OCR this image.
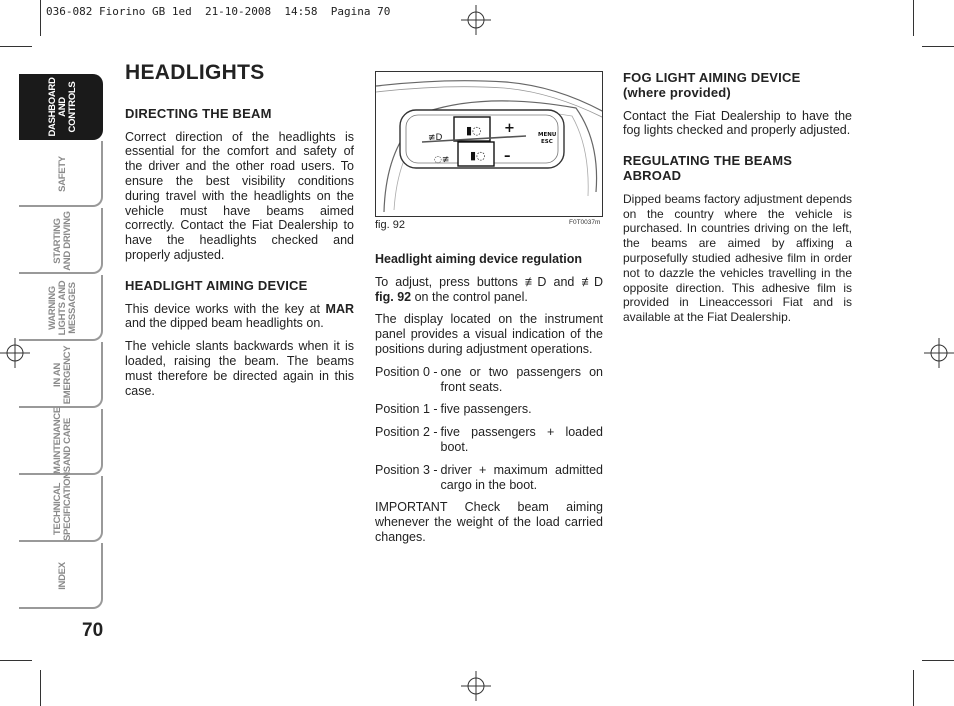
036-082 Fiorino GB 1ed  21-10-2008  14:58  Pagina 70
DASHBOARD AND CONTROLS
SAFETY
STARTING AND DRIVING
WARNING LIGHTS AND MESSAGES
IN AN EMERGENCY
MAINTENANCE AND CARE
TECHNICAL SPECIFICATIONS
INDEX
70
HEADLIGHTS
DIRECTING THE BEAM

Correct direction of the headlights is essential for the comfort and safety of the driver and the other road users. To ensure the best visibility conditions during travel with the headlights on the vehicle must have beams aimed correctly. Contact the Fiat Dealership to have the headlights checked and properly adjusted.

HEADLIGHT AIMING DEVICE

This device works with the key at MAR and the dipped beam headlights on.

The vehicle slants backwards when it is loaded, raising the beam. The beams must therefore be directed again in this case.

▮◌
▮◌
≢D
◌≢
+
–
MENU
ESC
fig. 92	F0T0037m
Headlight aiming device regulation

To adjust, press buttons ≢D and ≢D fig. 92 on the control panel.

The display located on the instrument panel provides a visual indication of the positions during adjustment operations.

Position 0 - one or two passengers on front seats.
Position 1 - five passengers.
Position 2 - five passengers + loaded boot.
Position 3 - driver + maximum admitted cargo in the boot.

IMPORTANT Check beam aiming whenever the weight of the load carried changes.

FOG LIGHT AIMING DEVICE
(where provided)

Contact the Fiat Dealership to have the fog lights checked and properly adjusted.

REGULATING THE BEAMS
ABROAD

Dipped beams factory adjustment depends on the country where the vehicle is purchased. In countries driving on the left, the beams are aimed by affixing a purposefully studied adhesive film in order not to dazzle the vehicles travelling in the opposite direction. This adhesive film is provided in Lineaccessori Fiat and is available at the Fiat Dealership.
